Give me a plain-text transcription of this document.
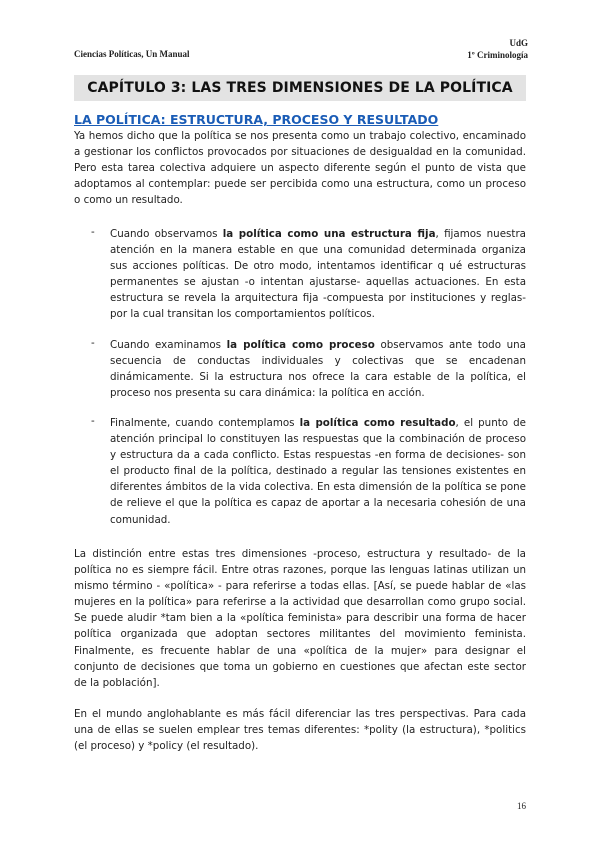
Ciencias Políticas, Un Manual
UdG
1º Criminología
CAPÍTULO 3: LAS TRES DIMENSIONES DE LA POLÍTICA
LA POLÍTICA: ESTRUCTURA, PROCESO Y RESULTADO

Ya hemos dicho que la política se nos presenta como un trabajo colectivo, encaminado a gestionar los conflictos provocados por situaciones de desigualdad en la comunidad. Pero esta tarea colectiva adquiere un aspecto diferente según el punto de vista que adoptamos al contemplar: puede ser percibida como una estructura, como un proceso o como un resultado.

- Cuando observamos la política como una estructura fija, fijamos nuestra atención en la manera estable en que una comunidad determinada organiza sus acciones políticas. De otro modo, intentamos identificar q ué estructuras permanentes se ajustan -o intentan ajustarse- aquellas actuaciones. En esta estructura se revela la arquitectura fija -compuesta por instituciones y reglas-por la cual transitan los comportamientos políticos.

- Cuando examinamos la política como proceso observamos ante todo una secuencia de conductas individuales y colectivas que se encadenan dinámicamente. Si la estructura nos ofrece la cara estable de la política, el proceso nos presenta su cara dinámica: la política en acción.

- Finalmente, cuando contemplamos la política como resultado, el punto de atención principal lo constituyen las respuestas que la combinación de proceso y estructura da a cada conflicto. Estas respuestas -en forma de decisiones- son el producto final de la política, destinado a regular las tensiones existentes en diferentes ámbitos de la vida colectiva. En esta dimensión de la política se pone de relieve el que la política es capaz de aportar a la necesaria cohesión de una comunidad.

La distinción entre estas tres dimensiones -proceso, estructura y resultado- de la política no es siempre fácil. Entre otras razones, porque las lenguas latinas utilizan un mismo término - «política» - para referirse a todas ellas. [Así, se puede hablar de «las mujeres en la política» para referirse a la actividad que desarrollan como grupo social. Se puede aludir *tam bien a la «política feminista» para describir una forma de hacer política organizada que adoptan sectores militantes del movimiento feminista. Finalmente, es frecuente hablar de una «política de la mujer» para designar el conjunto de decisiones que toma un gobierno en cuestiones que afectan este sector de la población].

En el mundo anglohablante es más fácil diferenciar las tres perspectivas. Para cada una de ellas se suelen emplear tres temas diferentes: *polity (la estructura), *politics (el proceso) y *policy (el resultado).

16
